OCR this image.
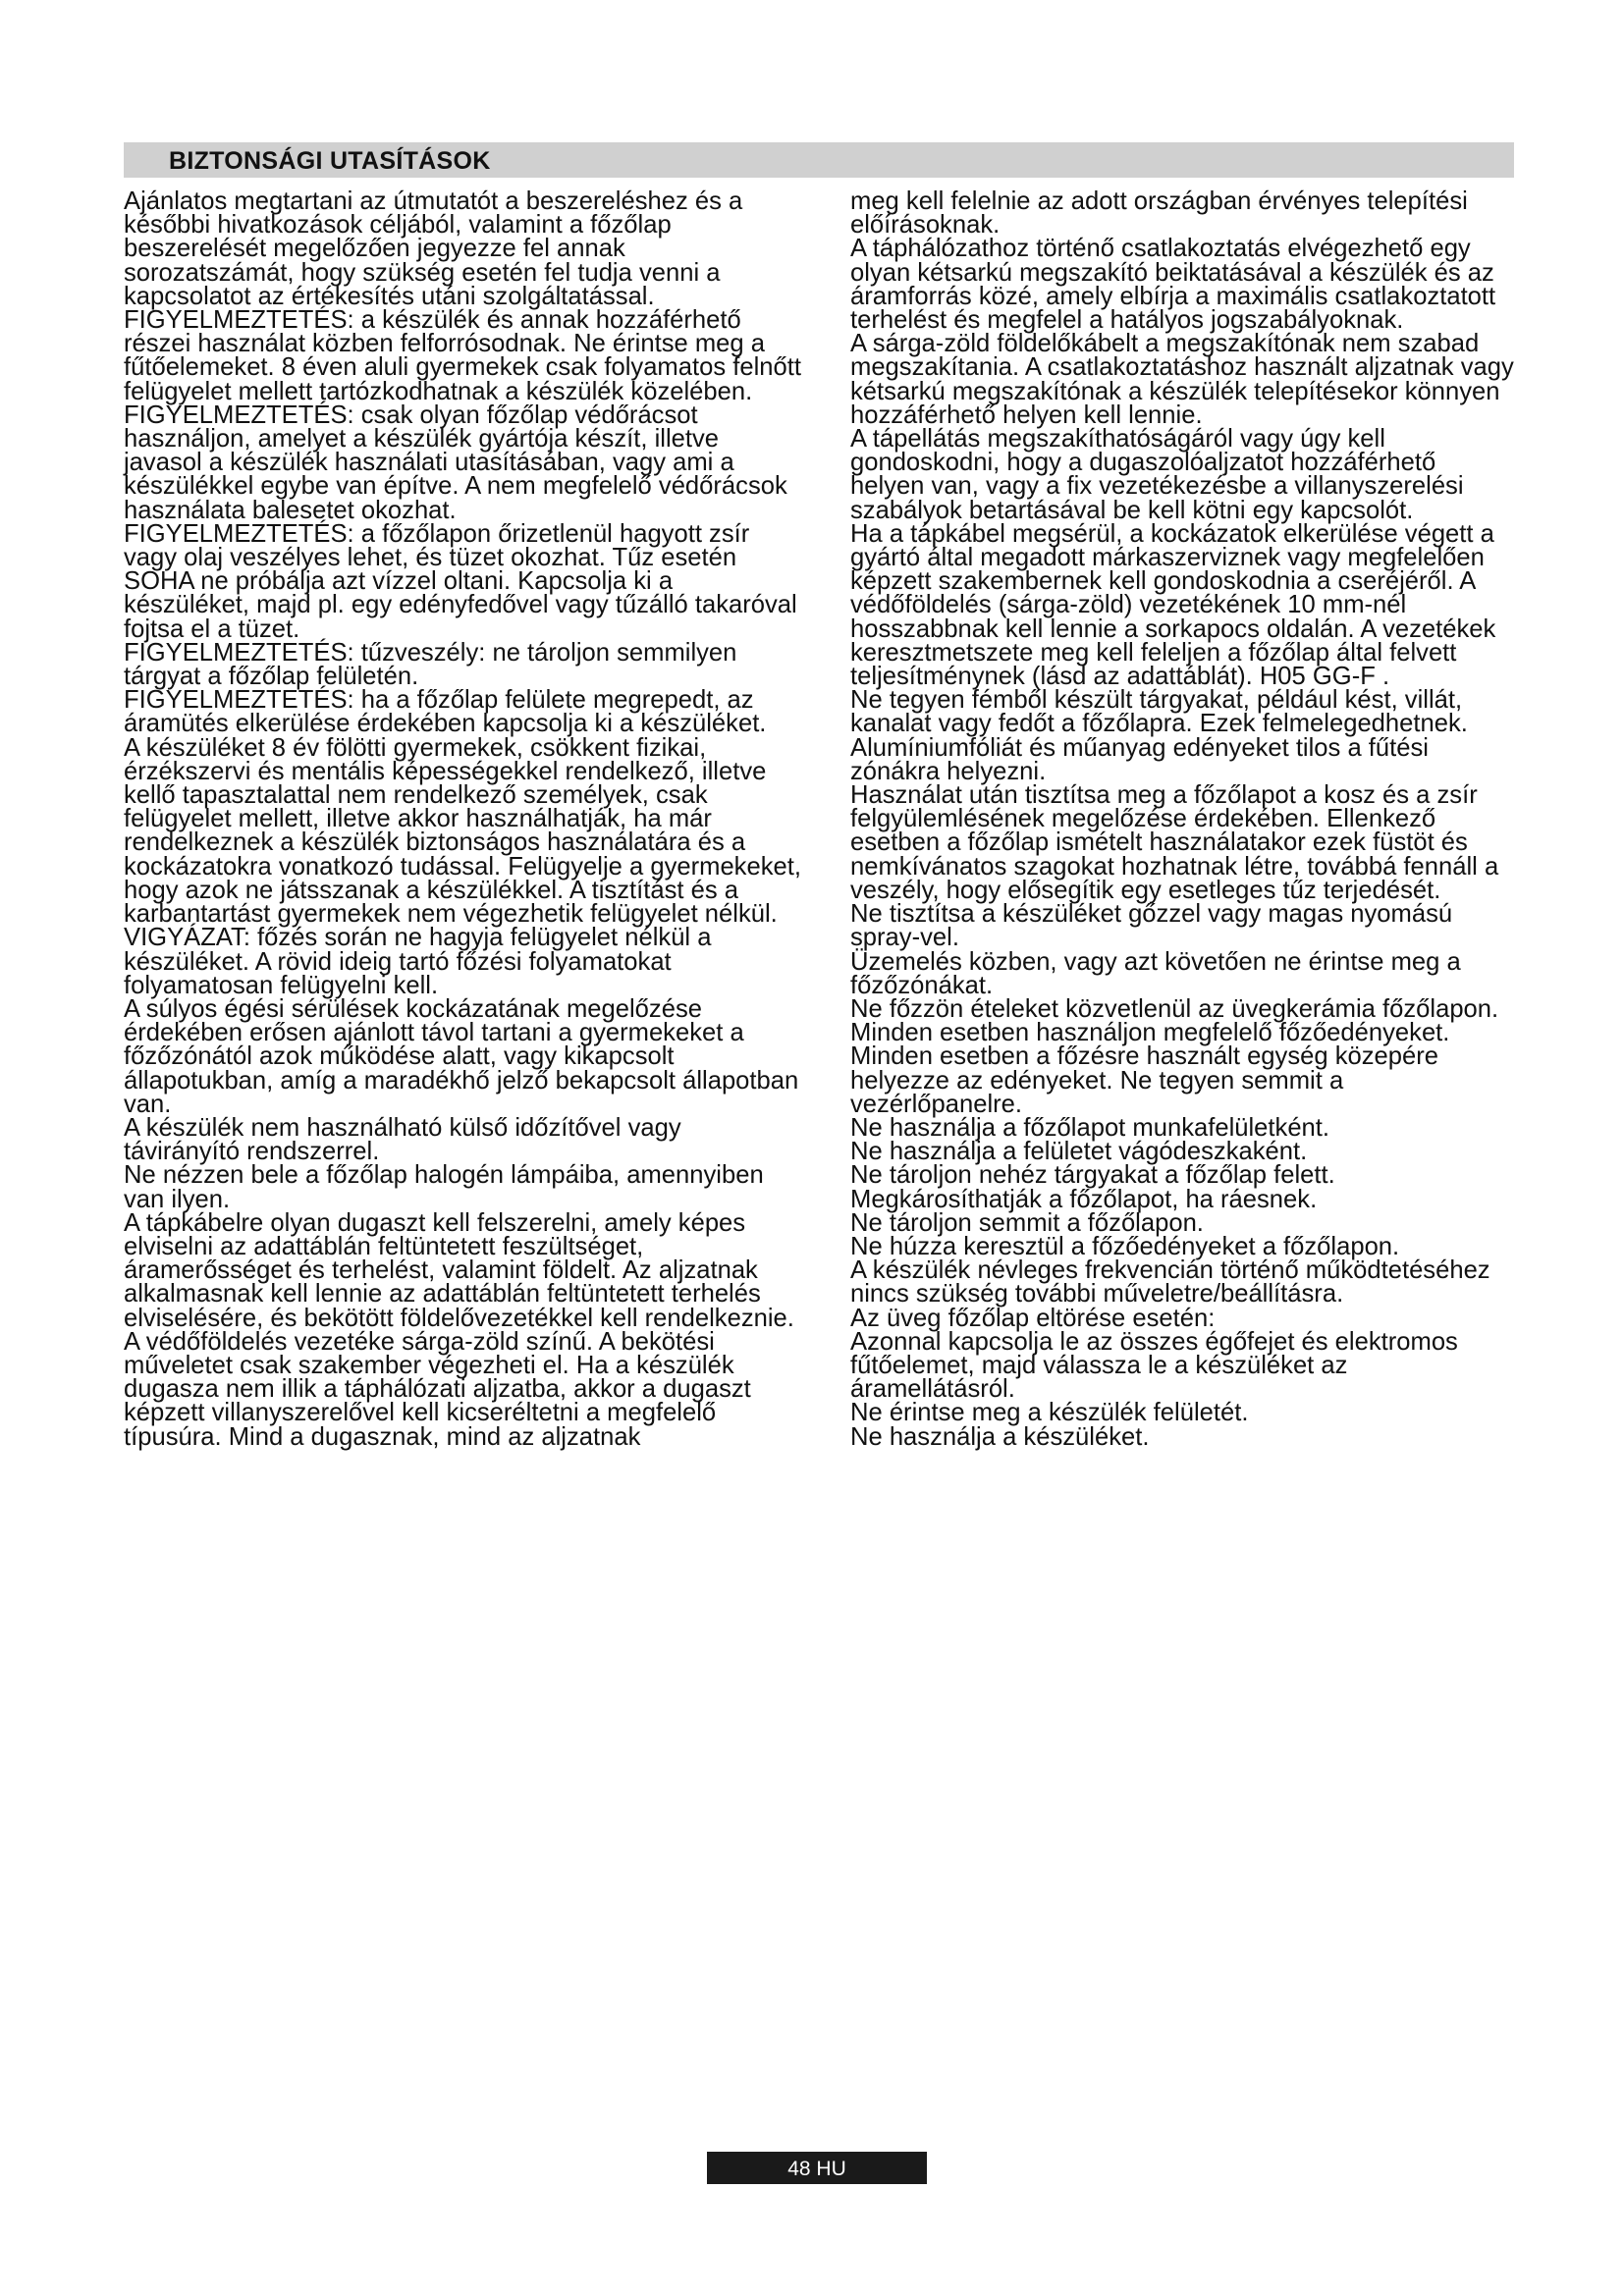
BIZTONSÁGI UTASÍTÁSOK

Ajánlatos megtartani az útmutatót a beszereléshez és a későbbi hivatkozások céljából, valamint a főzőlap beszerelését megelőzően jegyezze fel annak sorozatszámát, hogy szükség esetén fel tudja venni a kapcsolatot az értékesítés utáni szolgáltatással.

FIGYELMEZTETÉS: a készülék és annak hozzáférhető részei használat közben felforrósodnak. Ne érintse meg a fűtőelemeket. 8 éven aluli gyermekek csak folyamatos felnőtt felügyelet mellett tartózkodhatnak a készülék közelében.

FIGYELMEZTETÉS: csak olyan főzőlap védőrácsot használjon, amelyet a készülék gyártója készít, illetve javasol a készülék használati utasításában, vagy ami a készülékkel egybe van építve. A nem megfelelő védőrácsok használata balesetet okozhat.

FIGYELMEZTETÉS: a főzőlapon őrizetlenül hagyott zsír vagy olaj veszélyes lehet, és tüzet okozhat. Tűz esetén SOHA ne próbálja azt vízzel oltani. Kapcsolja ki a készüléket, majd pl. egy edényfedővel vagy tűzálló takaróval fojtsa el a tüzet.

FIGYELMEZTETÉS: tűzveszély: ne tároljon semmilyen tárgyat a főzőlap felületén.

FIGYELMEZTETÉS: ha a főzőlap felülete megrepedt, az áramütés elkerülése érdekében kapcsolja ki a készüléket.

A készüléket 8 év fölötti gyermekek, csökkent fizikai, érzékszervi és mentális képességekkel rendelkező, illetve kellő tapasztalattal nem rendelkező személyek, csak felügyelet mellett, illetve akkor használhatják, ha már rendelkeznek a készülék biztonságos használatára és a kockázatokra vonatkozó tudással. Felügyelje a gyermekeket, hogy azok ne játsszanak a készülékkel. A tisztítást és a karbantartást gyermekek nem végezhetik felügyelet nélkül.

VIGYÁZAT: főzés során ne hagyja felügyelet nélkül a készüléket. A rövid ideig tartó főzési folyamatokat folyamatosan felügyelni kell.

A súlyos égési sérülések kockázatának megelőzése érdekében erősen ajánlott távol tartani a gyermekeket a főzőzónától azok működése alatt, vagy kikapcsolt állapotukban, amíg a maradékhő jelző bekapcsolt állapotban van.

A készülék nem használható külső időzítővel vagy távirányító rendszerrel.

Ne nézzen bele a főzőlap halogén lámpáiba, amennyiben van ilyen.

A tápkábelre olyan dugaszt kell felszerelni, amely képes elviselni az adattáblán feltüntetett feszültséget, áramerősséget és terhelést, valamint földelt. Az aljzatnak alkalmasnak kell lennie az adattáblán feltüntetett terhelés elviselésére, és bekötött földelővezetékkel kell rendelkeznie. A védőföldelés vezetéke sárga-zöld színű. A bekötési műveletet csak szakember végezheti el. Ha a készülék dugasza nem illik a táphálózati aljzatba, akkor a dugaszt képzett villanyszerelővel kell kicseréltetni a megfelelő típusúra. Mind a dugasznak, mind az aljzatnak

meg kell felelnie az adott országban érvényes telepítési előírásoknak.

A táphálózathoz történő csatlakoztatás elvégezhető egy olyan kétsarkú megszakító beiktatásával a készülék és az áramforrás közé, amely elbírja a maximális csatlakoztatott terhelést és megfelel a hatályos jogszabályoknak.

A sárga-zöld földelőkábelt a megszakítónak nem szabad megszakítania. A csatlakoztatáshoz használt aljzatnak vagy kétsarkú megszakítónak a készülék telepítésekor könnyen hozzáférhető helyen kell lennie.

A tápellátás megszakíthatóságáról vagy úgy kell gondoskodni, hogy a dugaszolóaljzatot hozzáférhető helyen van, vagy a fix vezetékezésbe a villanyszerelési szabályok betartásával be kell kötni egy kapcsolót.

Ha a tápkábel megsérül, a kockázatok elkerülése végett a gyártó által megadott márkaszerviznek vagy megfelelően képzett szakembernek kell gondoskodnia a cseréjéről. A védőföldelés (sárga-zöld) vezetékének 10 mm-nél hosszabbnak kell lennie a sorkapocs oldalán. A vezetékek keresztmetszete meg kell feleljen a főzőlap által felvett teljesítménynek (lásd az adattáblát). H05 GG-F .

Ne tegyen fémből készült tárgyakat, például kést, villát, kanalat vagy fedőt a főzőlapra. Ezek felmelegedhetnek.

Alumíniumfóliát és műanyag edényeket tilos a fűtési zónákra helyezni.

Használat után tisztítsa meg a főzőlapot a kosz és a zsír felgyülemlésének megelőzése érdekében. Ellenkező esetben a főzőlap ismételt használatakor ezek füstöt és nemkívánatos szagokat hozhatnak létre, továbbá fennáll a veszély, hogy elősegítik egy esetleges tűz terjedését.

Ne tisztítsa a készüléket gőzzel vagy magas nyomású spray-vel.

Üzemelés közben, vagy azt követően ne érintse meg a főzőzónákat.

Ne főzzön ételeket közvetlenül az üvegkerámia főzőlapon.

Minden esetben használjon megfelelő főzőedényeket.

Minden esetben a főzésre használt egység közepére helyezze az edényeket. Ne tegyen semmit a vezérlőpanelre.

Ne használja a főzőlapot munkafelületként.

Ne használja a felületet vágódeszkaként.

Ne tároljon nehéz tárgyakat a főzőlap felett. Megkárosíthatják a főzőlapot, ha ráesnek.

Ne tároljon semmit a főzőlapon.

Ne húzza keresztül a főzőedényeket a főzőlapon.

A készülék névleges frekvencián történő működtetéséhez nincs szükség további műveletre/beállításra.

Az üveg főzőlap eltörése esetén:

Azonnal kapcsolja le az összes égőfejet és elektromos fűtőelemet, majd válassza le a készüléket az áramellátásról.

Ne érintse meg a készülék felületét.

Ne használja a készüléket.

48 HU
